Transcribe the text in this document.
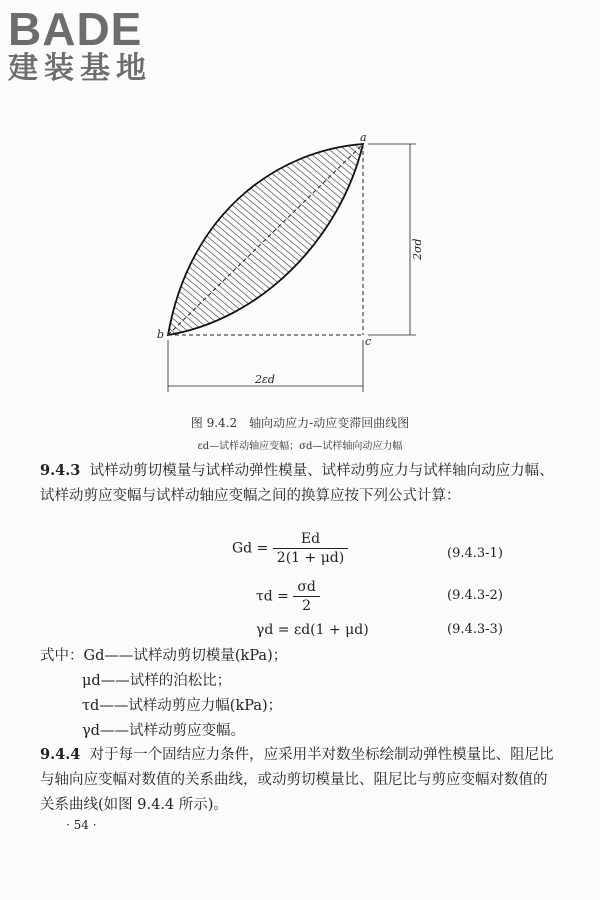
BADE
建装基地
a
b
c
2σd
2εd
图 9.4.2　轴向动应力-动应变滞回曲线图
εd—试样动轴应变幅；σd—试样轴向动应力幅
9.4.3 试样动剪切模量与试样动弹性模量、试样动剪应力与试样轴向动应力幅、试样动剪应变幅与试样动轴应变幅之间的换算应按下列公式计算：
$Gd = \frac{Ed}{2(1 + \mu d)}$	(9.4.3-1)
$\tau d = \frac{\sigma d}{2}$	(9.4.3-2)
γd = εd(1 + μd)	(9.4.3-3)
式中：Gd——试样动剪切模量(kPa)；
μd——试样的泊松比；
τd——试样动剪应力幅(kPa)；
γd——试样动剪应变幅。
9.4.4 对于每一个固结应力条件，应采用半对数坐标绘制动弹性模量比、阻尼比与轴向应变幅对数值的关系曲线，或动剪切模量比、阻尼比与剪应变幅对数值的关系曲线(如图 9.4.4 所示)。
· 54 ·
